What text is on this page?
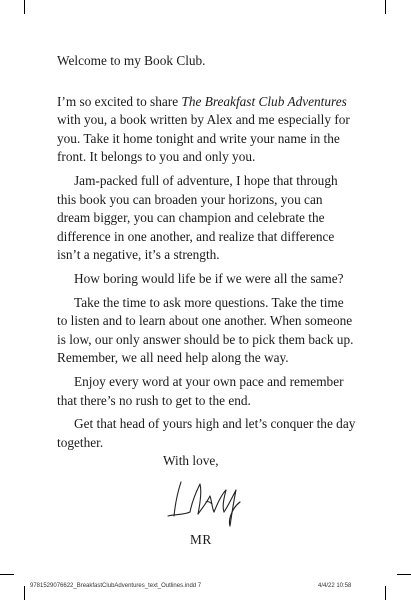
Welcome to my Book Club.

I’m so excited to share The Breakfast Club Adventures with you, a book written by Alex and me especially for you. Take it home tonight and write your name in the front. It belongs to you and only you.

Jam-packed full of adventure, I hope that through this book you can broaden your horizons, you can dream bigger, you can champion and celebrate the difference in one another, and realize that difference isn’t a negative, it’s a strength.

How boring would life be if we were all the same?

Take the time to ask more questions. Take the time to listen and to learn about one another. When someone is low, our only answer should be to pick them back up. Remember, we all need help along the way.

Enjoy every word at your own pace and remember that there’s no rush to get to the end.

Get that head of yours high and let’s conquer the day together.

With love,
MR
9781529076622_BreakfastClubAdventures_text_Outlines.indd 7	4/4/22 10:58
